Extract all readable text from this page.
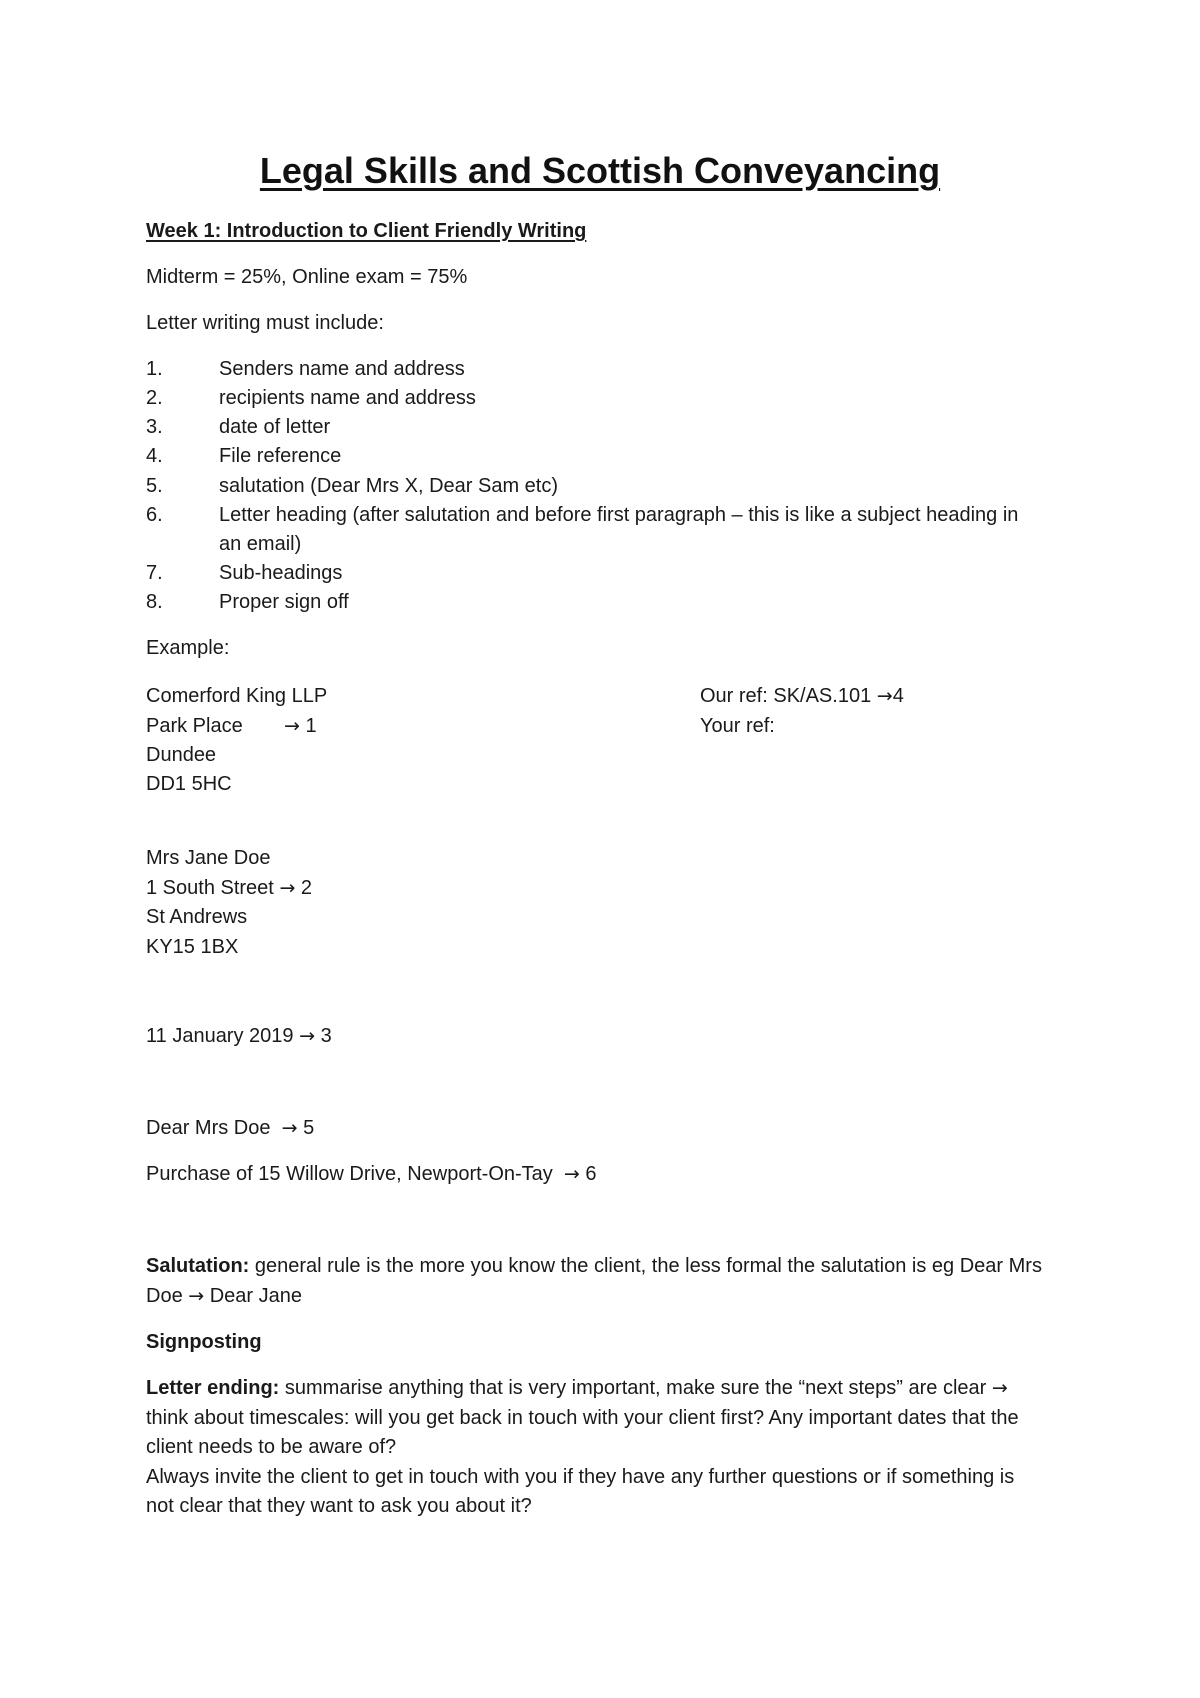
Legal Skills and Scottish Conveyancing
Week 1: Introduction to Client Friendly Writing
Midterm = 25%, Online exam = 75%
Letter writing must include:
1.	Senders name and address
2.	recipients name and address
3.	date of letter
4.	File reference
5.	salutation (Dear Mrs X, Dear Sam etc)
6.	Letter heading (after salutation and before first paragraph – this is like a subject heading in
an email)
7.	Sub-headings
8.	Proper sign off
Example:
Comerford King LLP
Park Place → 1
Dundee
DD1 5HC
Our ref: SK/AS.101 →4
Your ref:
Mrs Jane Doe
1 South Street → 2
St Andrews
KY15 1BX
11 January 2019 → 3
Dear Mrs Doe → 5
Purchase of 15 Willow Drive, Newport-On-Tay → 6
Salutation: general rule is the more you know the client, the less formal the salutation is eg Dear Mrs
Doe → Dear Jane
Signposting
Letter ending: summarise anything that is very important, make sure the “next steps” are clear →
think about timescales: will you get back in touch with your client first? Any important dates that the
client needs to be aware of?
Always invite the client to get in touch with you if they have any further questions or if something is
not clear that they want to ask you about it?
